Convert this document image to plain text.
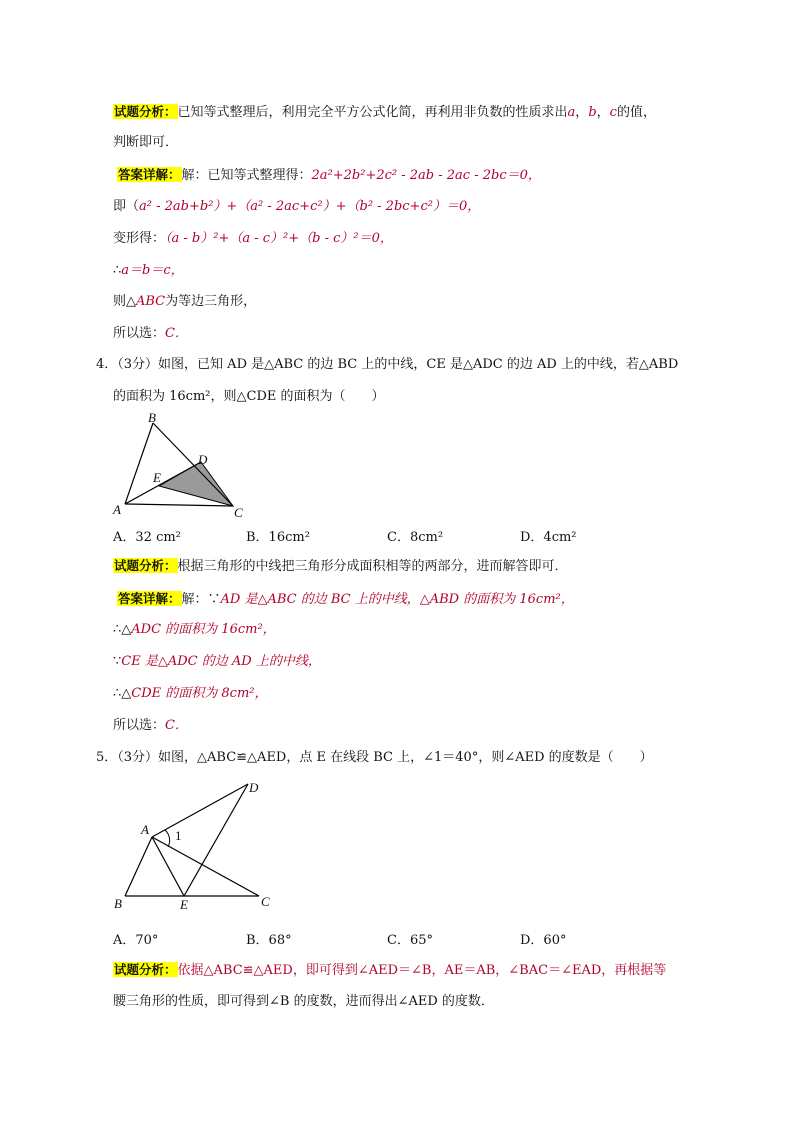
试题分析：已知等式整理后，利用完全平方公式化简，再利用非负数的性质求出a，b，c的值，
判断即可．
答案详解：解：已知等式整理得：2a²+2b²+2c² - 2ab - 2ac - 2bc＝0，
即（a² - 2ab+b²）+（a² - 2ac+c²）+（b² - 2bc+c²）＝0，
变形得：（a - b）²+（a - c）²+（b - c）²＝0，
∴a＝b＝c，
则△ABC为等边三角形，
所以选：C．
4．（3分）如图，已知 AD 是△ABC 的边 BC 上的中线，CE 是△ADC 的边 AD 上的中线，若△ABD
的面积为 16cm²，则△CDE 的面积为（　　）
B
D
E
A	C
A．32 cm²	B．16cm²	C．8cm²	D．4cm²
试题分析：根据三角形的中线把三角形分成面积相等的两部分，进而解答即可．
答案详解：解：∵AD 是△ABC 的边 BC 上的中线，△ABD 的面积为 16cm²，
∴△ADC 的面积为 16cm²，
∵CE 是△ADC 的边 AD 上的中线，
∴△CDE 的面积为 8cm²，
所以选：C．
5．（3分）如图，△ABC≌△AED，点 E 在线段 BC 上，∠1＝40°，则∠AED 的度数是（　　）
D
A 1
B	E	C
A．70°	B．68°	C．65°	D．60°
试题分析：依据△ABC≌△AED，即可得到∠AED＝∠B，AE＝AB，∠BAC＝∠EAD，再根据等
腰三角形的性质，即可得到∠B 的度数，进而得出∠AED 的度数．
